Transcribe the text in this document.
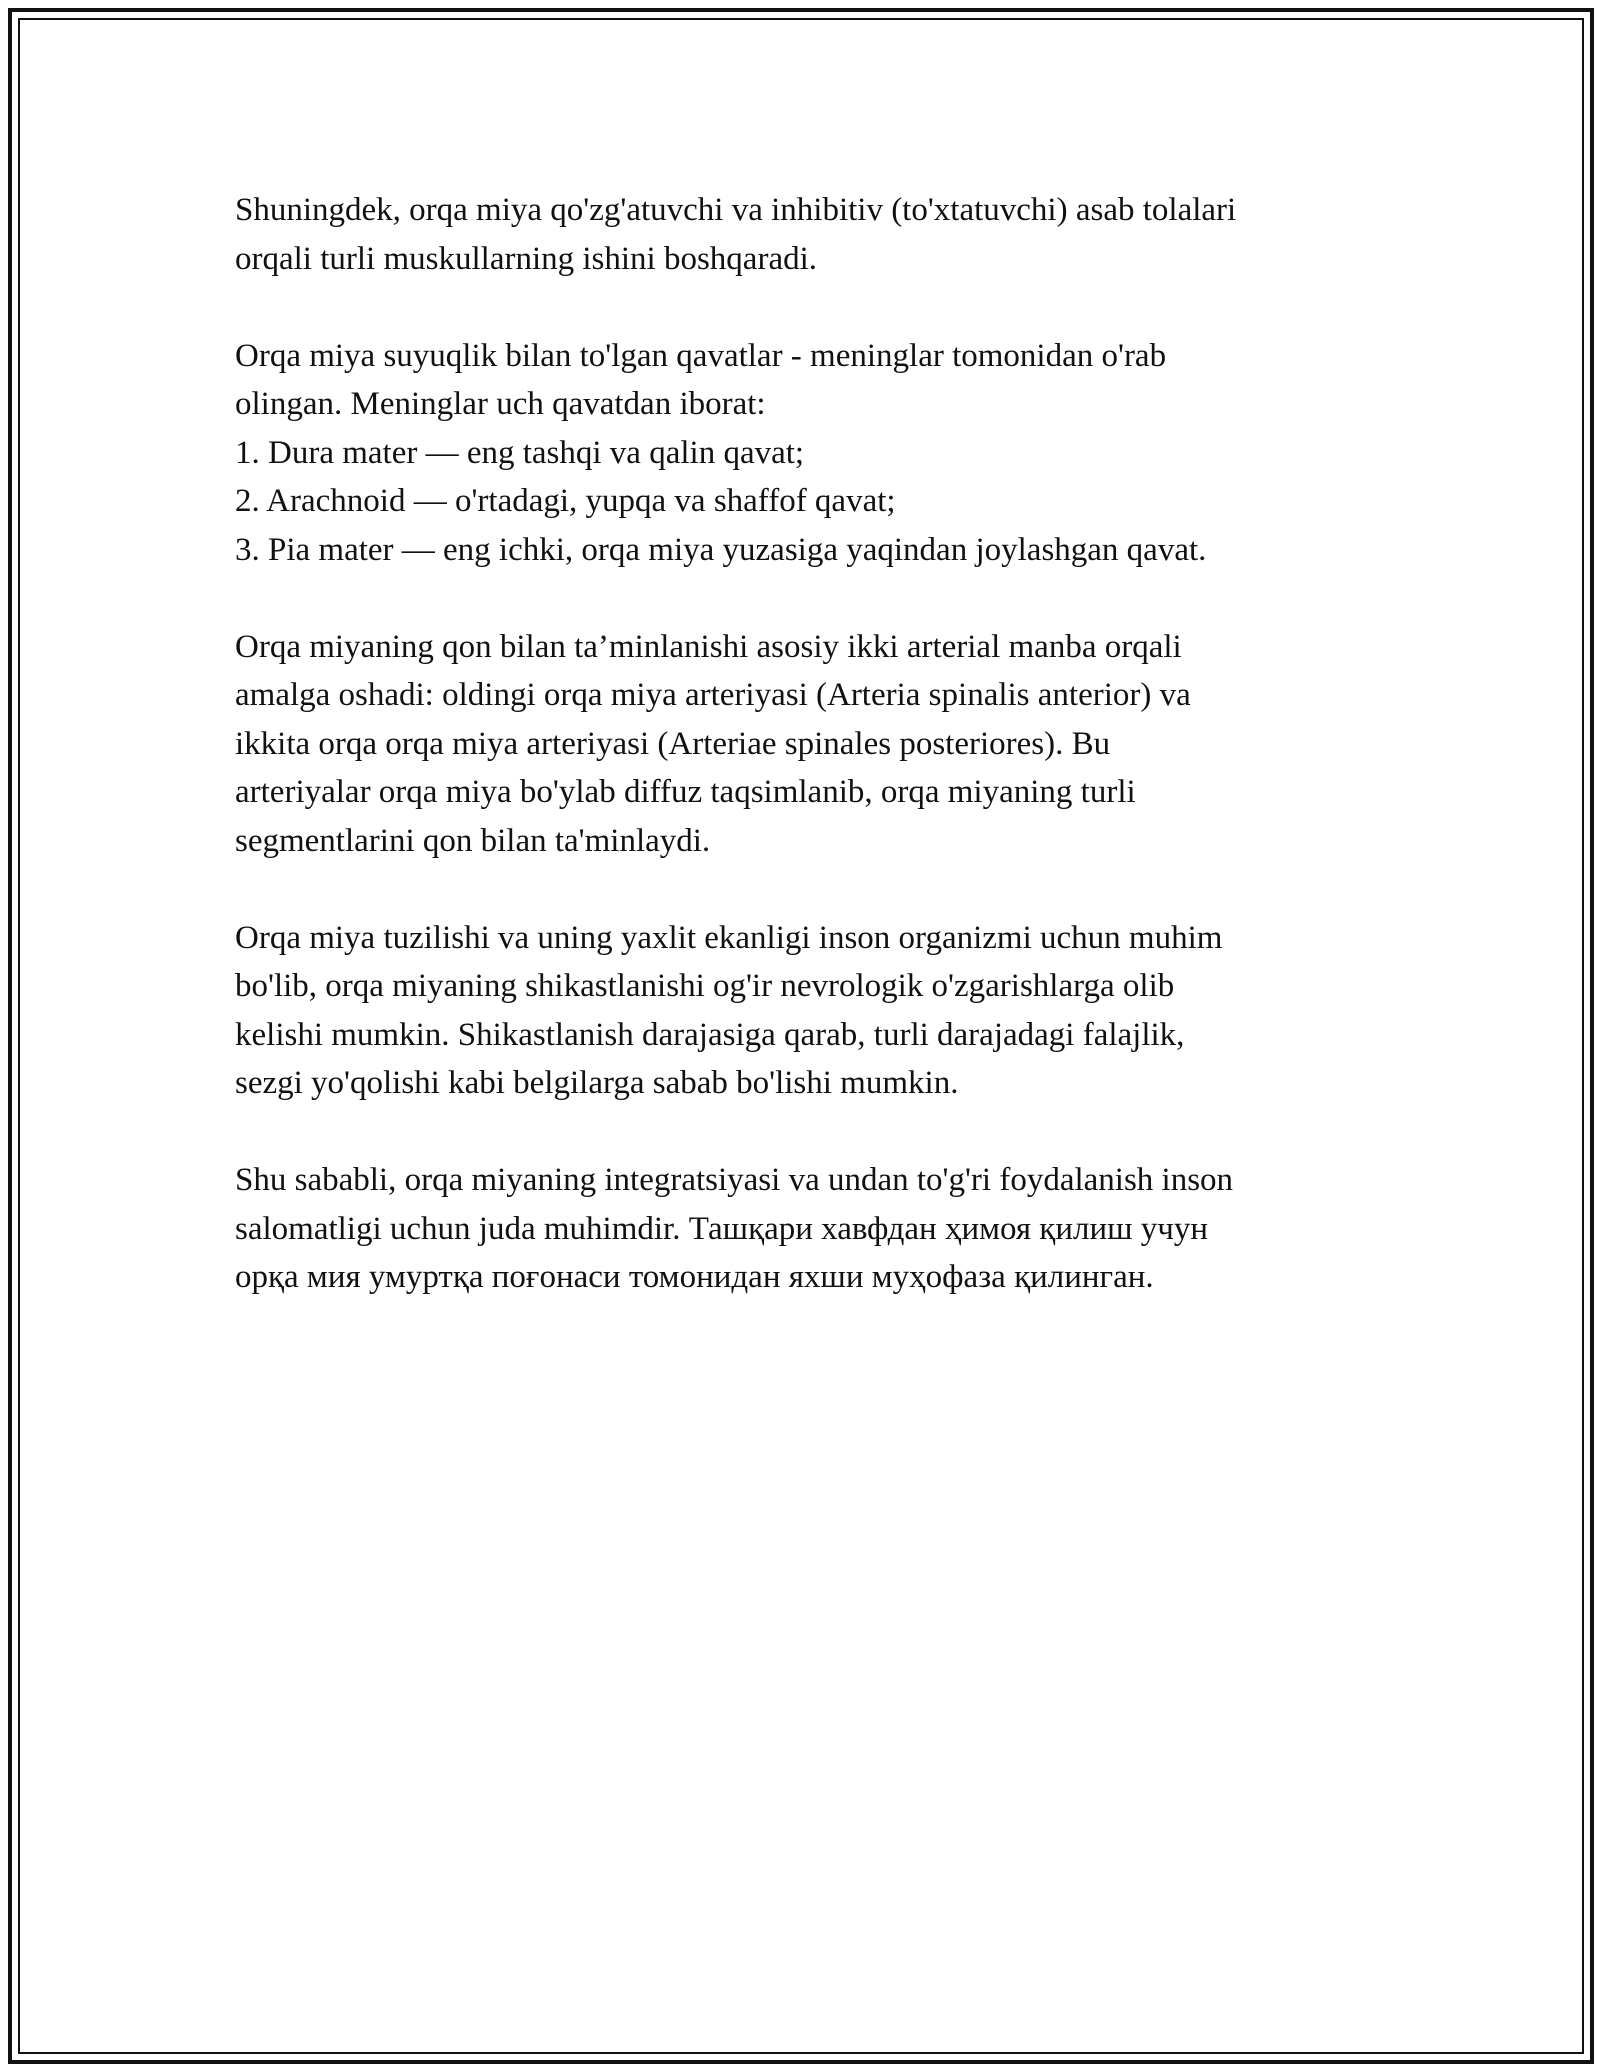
Shuningdek, orqa miya qo'zg'atuvchi va inhibitiv (to'xtatuvchi) asab tolalari
orqali turli muskullarning ishini boshqaradi.

Orqa miya suyuqlik bilan to'lgan qavatlar - meninglar tomonidan o'rab
olingan. Meninglar uch qavatdan iborat:
1. Dura mater — eng tashqi va qalin qavat;
2. Arachnoid — o'rtadagi, yupqa va shaffof qavat;
3. Pia mater — eng ichki, orqa miya yuzasiga yaqindan joylashgan qavat.

Orqa miyaning qon bilan ta’minlanishi asosiy ikki arterial manba orqali
amalga oshadi: oldingi orqa miya arteriyasi (Arteria spinalis anterior) va
ikkita orqa orqa miya arteriyasi (Arteriae spinales posteriores). Bu
arteriyalar orqa miya bo'ylab diffuz taqsimlanib, orqa miyaning turli
segmentlarini qon bilan ta'minlaydi.

Orqa miya tuzilishi va uning yaxlit ekanligi inson organizmi uchun muhim
bo'lib, orqa miyaning shikastlanishi og'ir nevrologik o'zgarishlarga olib
kelishi mumkin. Shikastlanish darajasiga qarab, turli darajadagi falajlik,
sezgi yo'qolishi kabi belgilarga sabab bo'lishi mumkin.

Shu sababli, orqa miyaning integratsiyasi va undan to'g'ri foydalanish inson
salomatligi uchun juda muhimdir. Ташқари хавфдан ҳимоя қилиш учун
орқа мия умуртқа поғонаси томонидан яхши муҳофаза қилинган.
